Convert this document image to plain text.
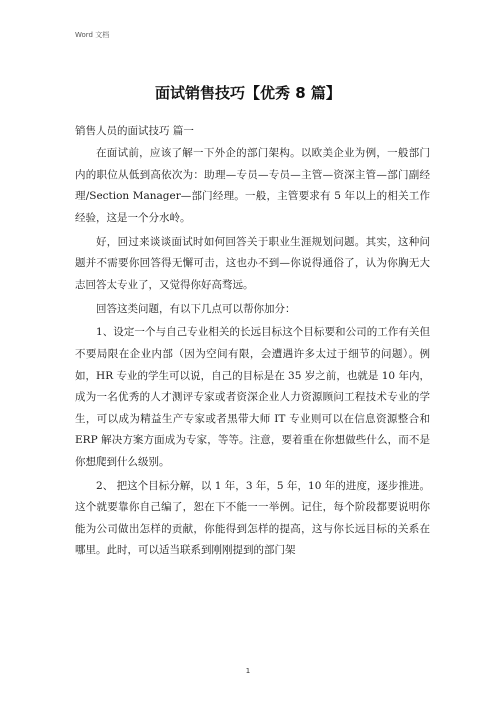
Word 文档
面试销售技巧【优秀 8 篇】
销售人员的面试技巧 篇一

在面试前，应该了解一下外企的部门架构。以欧美企业为例，一般部门内的职位从低到高依次为：助理—专员—专员—主管—资深主管—部门副经理/Section Manager—部门经理。一般，主管要求有 5 年以上的相关工作经验，这是一个分水岭。

好，回过来谈谈面试时如何回答关于职业生涯规划问题。其实，这种问题并不需要你回答得无懈可击，这也办不到—你说得通俗了，认为你胸无大志回答太专业了，又觉得你好高骛远。

回答这类问题，有以下几点可以帮你加分：

1、设定一个与自己专业相关的长远目标这个目标要和公司的工作有关但不要局限在企业内部（因为空间有限，会遭遇许多太过于细节的问题）。例如，HR 专业的学生可以说，自己的目标是在 35 岁之前，也就是 10 年内，成为一名优秀的人才测评专家或者资深企业人力资源顾问工程技术专业的学生，可以成为精益生产专家或者黑带大师 IT 专业则可以在信息资源整合和 ERP 解决方案方面成为专家，等等。注意，要着重在你想做些什么，而不是你想爬到什么级别。

2、 把这个目标分解，以 1 年，3 年，5 年，10 年的进度，逐步推进。这个就要靠你自己编了，恕在下不能一一举例。记住，每个阶段都要说明你能为公司做出怎样的贡献，你能得到怎样的提高，这与你长远目标的关系在哪里。此时，可以适当联系到刚刚提到的部门架

1
